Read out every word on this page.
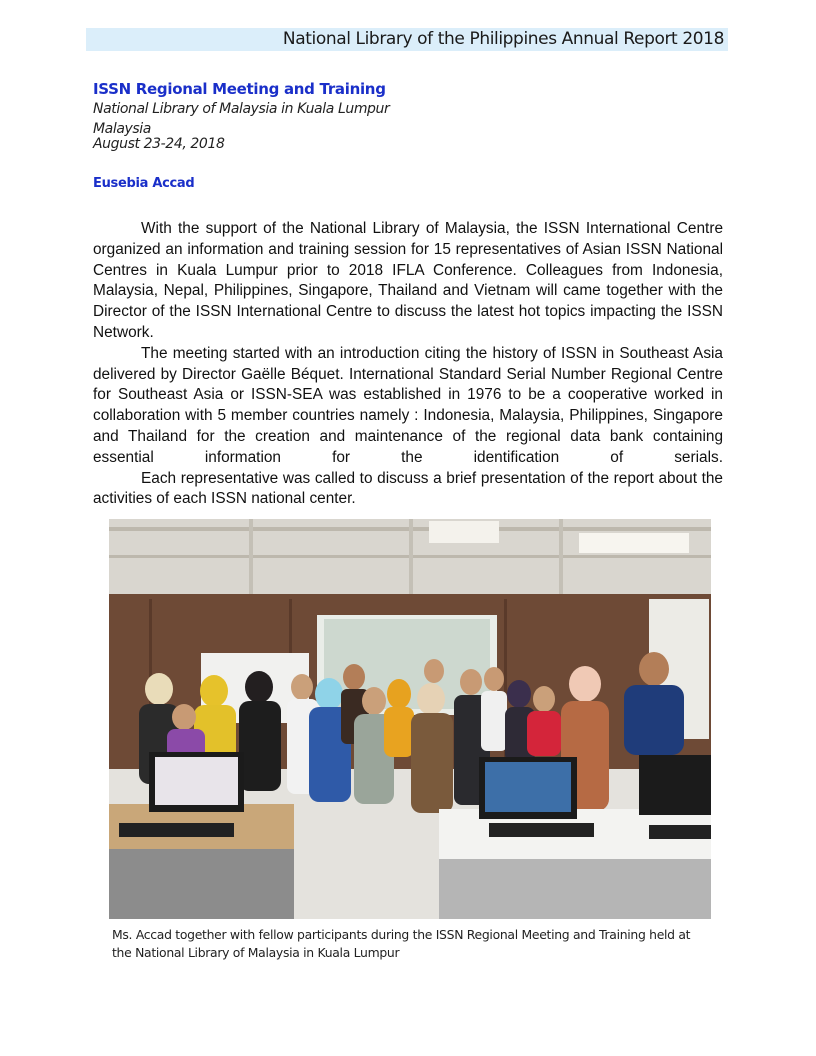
National Library of the Philippines Annual Report 2018
ISSN Regional Meeting and Training
National Library of Malaysia in Kuala Lumpur
Malaysia
August 23-24, 2018
Eusebia Accad

With the support of the National Library of Malaysia, the ISSN International Centre organized an information and training session for 15 representatives of Asian ISSN National Centres in Kuala Lumpur prior to 2018 IFLA Conference. Colleagues from Indonesia, Malaysia, Nepal, Philippines, Singapore, Thailand and Vietnam will came together with the Director of the ISSN International Centre to discuss the latest hot topics impacting the ISSN Network.

The meeting started with an introduction citing the history of ISSN in Southeast Asia delivered by Director Gaëlle Béquet. International Standard Serial Number Regional Centre for Southeast Asia or ISSN-SEA was established in 1976 to be a cooperative worked in collaboration with 5 member countries namely : Indonesia, Malaysia, Philippines, Singapore and Thailand for the creation and maintenance of the regional data bank containing essential information for the identification of serials.

Each representative was called to discuss a brief presentation of the report about the activities of each ISSN national center.

Ms. Accad together with fellow participants during the ISSN Regional Meeting and Training held at the National Library of Malaysia in Kuala Lumpur
